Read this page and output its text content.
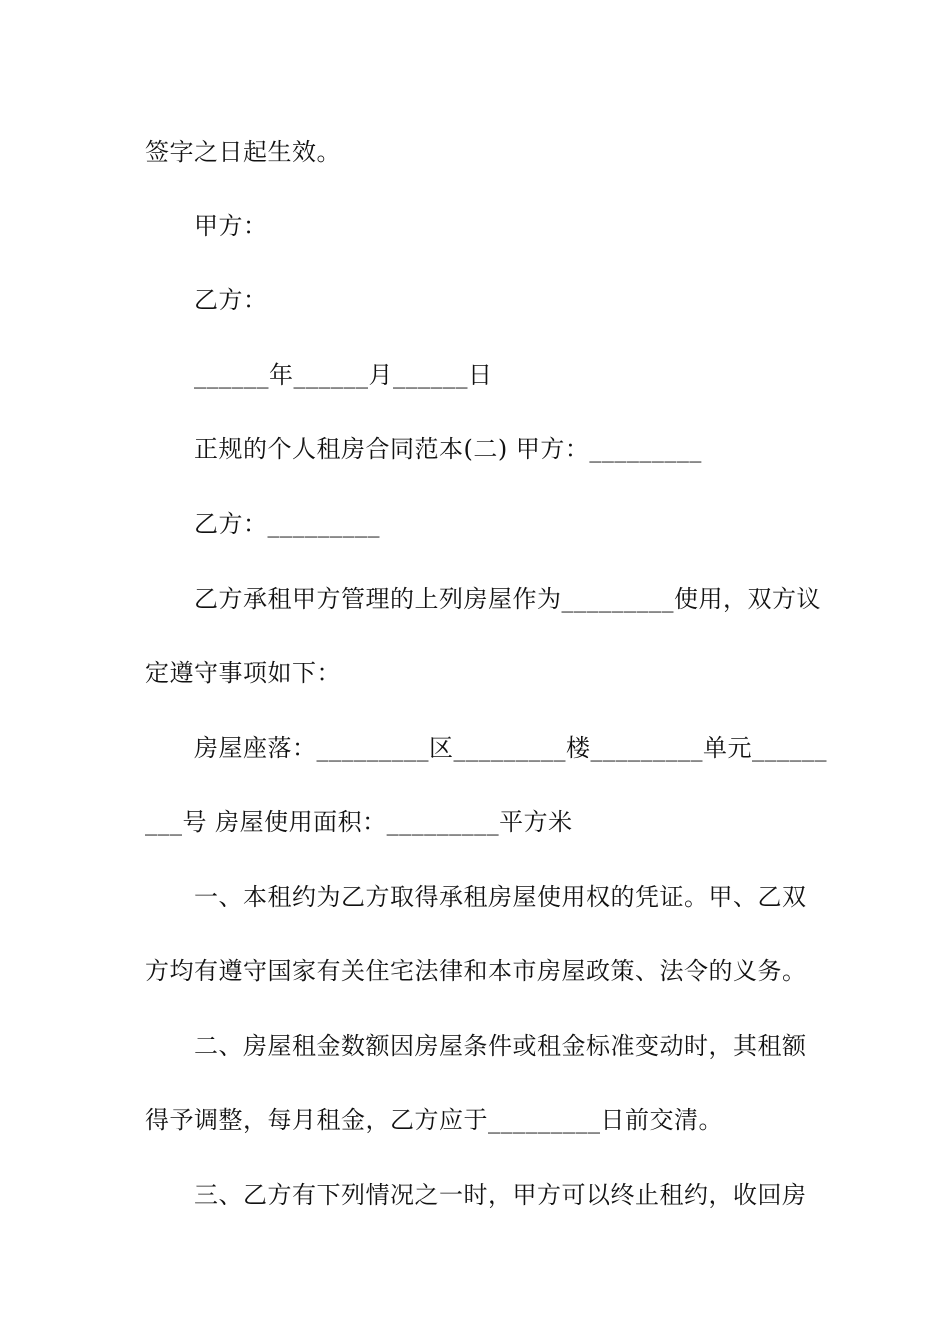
签字之日起生效。
甲方：
乙方：
______年______月______日
正规的个人租房合同范本(二) 甲方：_________
乙方：_________
乙方承租甲方管理的上列房屋作为_________使用，双方议
定遵守事项如下：
房屋座落：_________区_________楼_________单元______
___号 房屋使用面积：_________平方米
一、本租约为乙方取得承租房屋使用权的凭证。甲、乙双
方均有遵守国家有关住宅法律和本市房屋政策、法令的义务。
二、房屋租金数额因房屋条件或租金标准变动时，其租额
得予调整，每月租金，乙方应于_________日前交清。
三、乙方有下列情况之一时，甲方可以终止租约，收回房
